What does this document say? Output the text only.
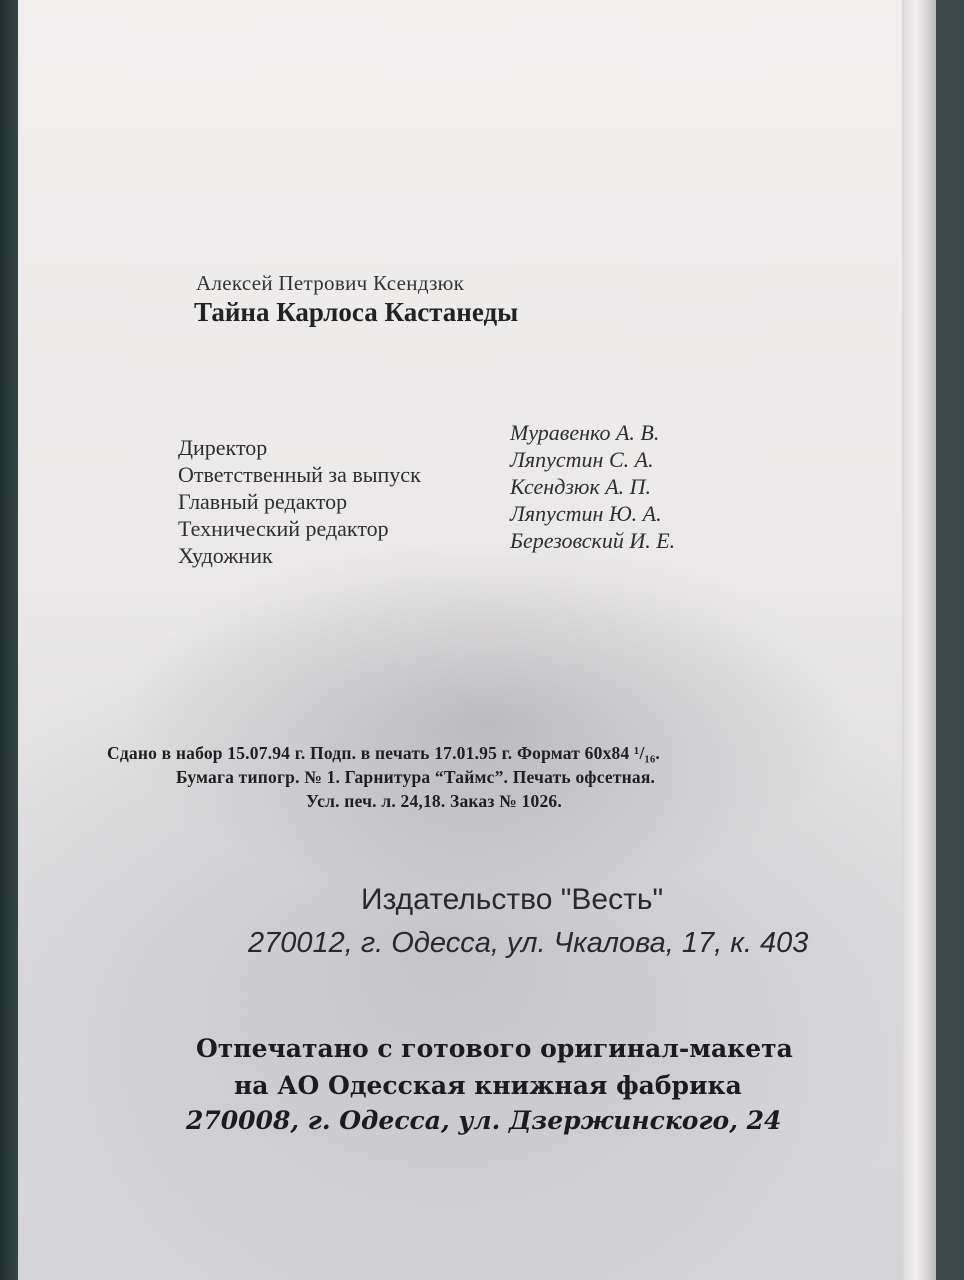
Алексей Петрович Ксендзюк
Тайна Карлоса Кастанеды
Директор
Ответственный за выпуск
Главный редактор
Технический редактор
Художник
Муравенко А. В.
Ляпустин С. А.
Ксендзюк А. П.
Ляпустин Ю. А.
Березовский И. Е.
Сдано в набор 15.07.94 г. Подп. в печать 17.01.95 г. Формат 60x84 ¹/₁₆.
Бумага типогр. № 1. Гарнитура “Таймс”. Печать офсетная.
Усл. печ. л. 24,18. Заказ № 1026.
Издательство "Весть"
270012, г. Одесса, ул. Чкалова, 17, к. 403
Отпечатано с готового оригинал-макета
на АО Одесская книжная фабрика
270008, г. Одесса, ул. Дзержинского, 24
